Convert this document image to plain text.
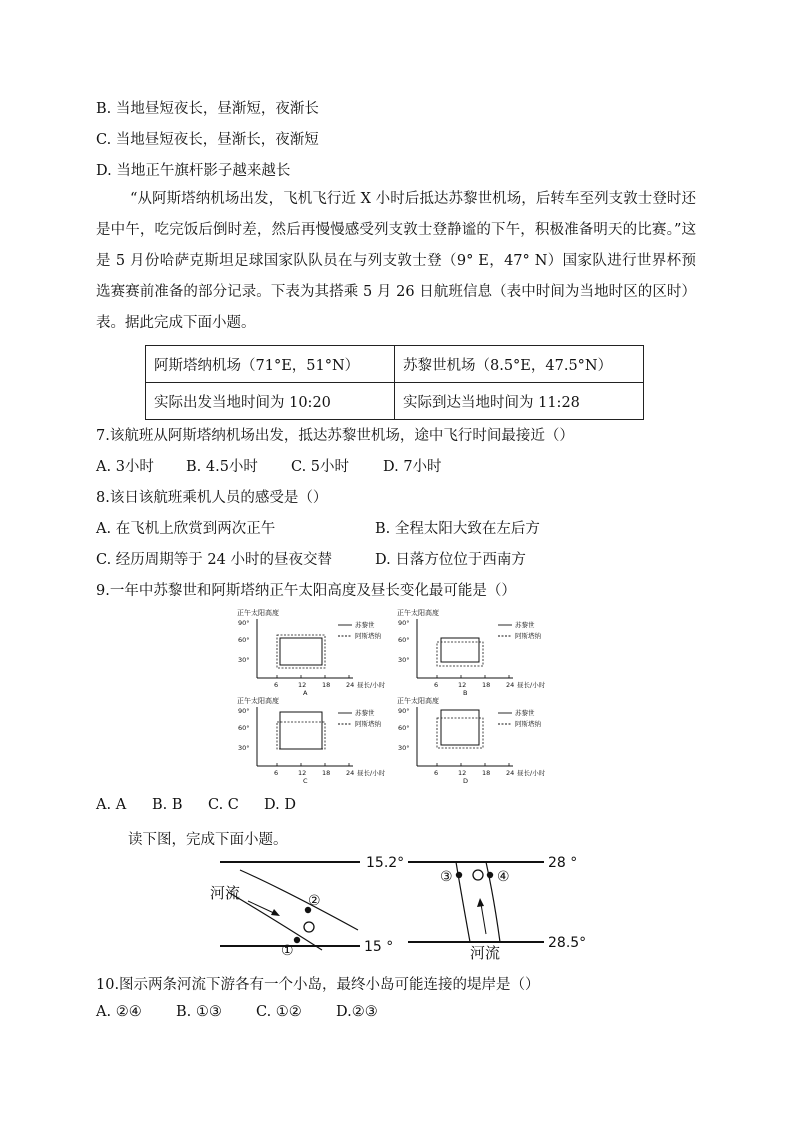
B. 当地昼短夜长，昼渐短，夜渐长
C. 当地昼短夜长，昼渐长，夜渐短
D. 当地正午旗杆影子越来越长
“从阿斯塔纳机场出发，飞机飞行近 X 小时后抵达苏黎世机场，后转车至列支敦士登时还是中午，吃完饭后倒时差，然后再慢慢感受列支敦士登静谧的下午，积极准备明天的比赛。”这是 5 月份哈萨克斯坦足球国家队队员在与列支敦士登（9° E，47° N）国家队进行世界杯预选赛赛前准备的部分记录。下表为其搭乘 5 月 26 日航班信息（表中时间为当地时区的区时）表。据此完成下面小题。
阿斯塔纳机场（71°E，51°N）	苏黎世机场（8.5°E，47.5°N）
实际出发当地时间为 10:20	实际到达当地时间为 11:28
7.该航班从阿斯塔纳机场出发，抵达苏黎世机场，途中飞行时间最接近（）
A. 3小时 B. 4.5小时 C. 5小时 D. 7小时
8.该日该航班乘机人员的感受是（）
A. 在飞机上欣赏到两次正午	B. 全程太阳大致在左后方
C. 经历周期等于 24 小时的昼夜交替	D. 日落方位位于西南方
9.一年中苏黎世和阿斯塔纳正午太阳高度及昼长变化最可能是（）
正午太阳高度
90°
60°
30°
6	12 18 24 昼长/小时
苏黎世
阿斯塔纳
A
正午太阳高度
90°
60°
30°
6	12 18 24 昼长/小时
苏黎世
阿斯塔纳
B
正午太阳高度
90°
60°
30°
6	12 18 24 昼长/小时
苏黎世
阿斯塔纳
C
正午太阳高度
90°
60°
30°
6	12 18 24 昼长/小时
苏黎世
阿斯塔纳
D
A. A B. B C. C D. D
读下图，完成下面小题。
15.2°
15 °
河流
①
②
28 °
28.5°
③	④
河流
10.图示两条河流下游各有一个小岛，最终小岛可能连接的堤岸是（）
A. ②④ B. ①③ C. ①② D.②③
